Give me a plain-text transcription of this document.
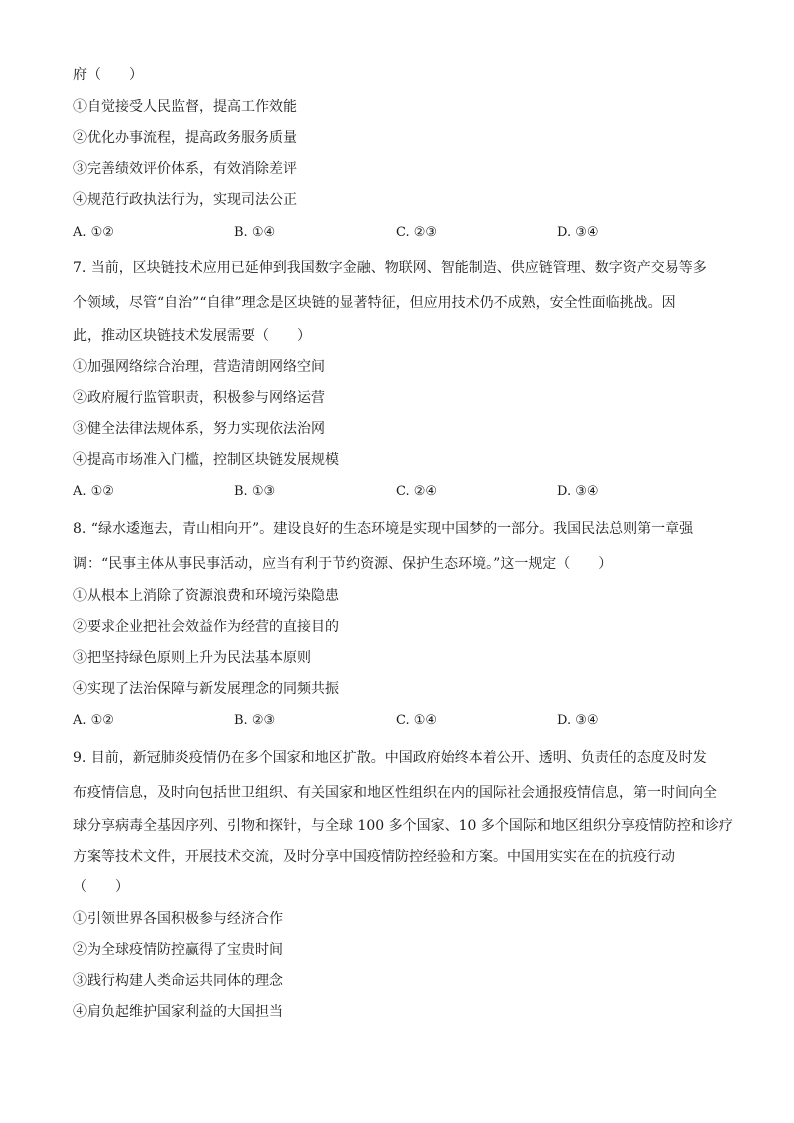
府（　　）
①自觉接受人民监督，提高工作效能
②优化办事流程，提高政务服务质量
③完善绩效评价体系，有效消除差评
④规范行政执法行为，实现司法公正
A. ①②	B. ①④	C. ②③	D. ③④
7. 当前，区块链技术应用已延伸到我国数字金融、物联网、智能制造、供应链管理、数字资产交易等多
个领域，尽管“自治”“自律”理念是区块链的显著特征，但应用技术仍不成熟，安全性面临挑战。因
此，推动区块链技术发展需要（　　）
①加强网络综合治理，营造清朗网络空间
②政府履行监管职责，积极参与网络运营
③健全法律法规体系，努力实现依法治网
④提高市场准入门槛，控制区块链发展规模
A. ①②	B. ①③	C. ②④	D. ③④
8. “绿水逶迤去，青山相向开”。建设良好的生态环境是实现中国梦的一部分。我国民法总则第一章强
调：“民事主体从事民事活动，应当有利于节约资源、保护生态环境。”这一规定（　　）
①从根本上消除了资源浪费和环境污染隐患
②要求企业把社会效益作为经营的直接目的
③把坚持绿色原则上升为民法基本原则
④实现了法治保障与新发展理念的同频共振
A. ①②	B. ②③	C. ①④	D. ③④
9. 目前，新冠肺炎疫情仍在多个国家和地区扩散。中国政府始终本着公开、透明、负责任的态度及时发
布疫情信息，及时向包括世卫组织、有关国家和地区性组织在内的国际社会通报疫情信息，第一时间向全
球分享病毒全基因序列、引物和探针，与全球 100 多个国家、10 多个国际和地区组织分享疫情防控和诊疗
方案等技术文件，开展技术交流，及时分享中国疫情防控经验和方案。中国用实实在在的抗疫行动
（　　）
①引领世界各国积极参与经济合作
②为全球疫情防控赢得了宝贵时间
③践行构建人类命运共同体的理念
④肩负起维护国家利益的大国担当
